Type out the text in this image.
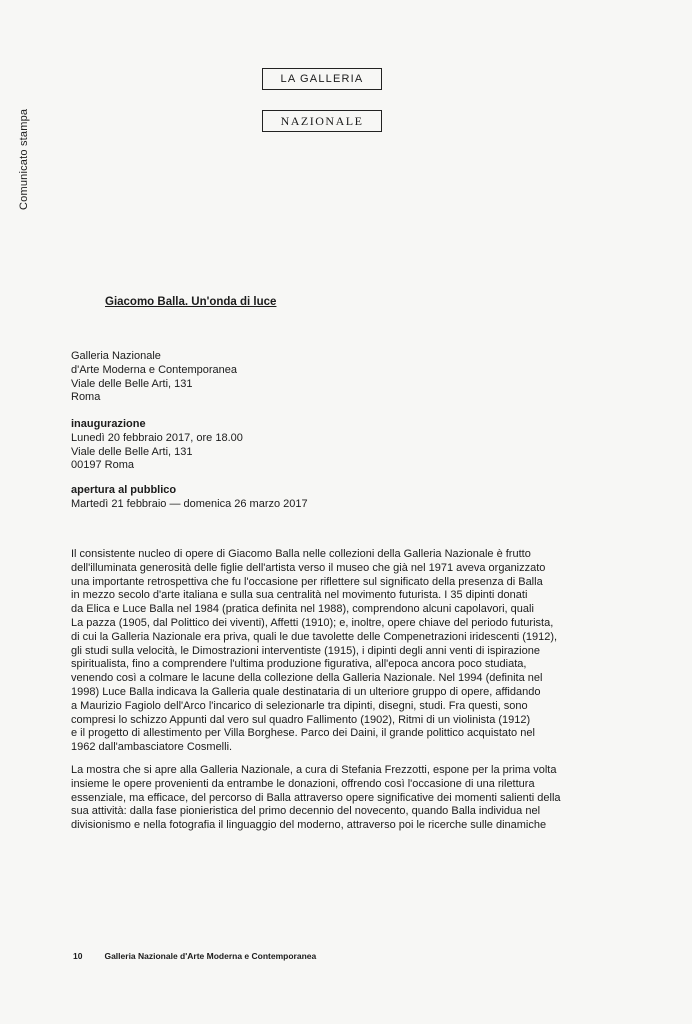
Comunicato stampa
LA GALLERIA
NAZIONALE
Giacomo Balla. Un'onda di luce
Galleria Nazionale
d'Arte Moderna e Contemporanea
Viale delle Belle Arti, 131
Roma
inaugurazione
Lunedì 20 febbraio 2017, ore 18.00
Viale delle Belle Arti, 131
00197 Roma
apertura al pubblico
Martedì 21 febbraio — domenica 26 marzo 2017

Il consistente nucleo di opere di Giacomo Balla nelle collezioni della Galleria Nazionale è frutto

dell'illuminata generosità delle figlie dell'artista verso il museo che già nel 1971 aveva organizzato

una importante retrospettiva che fu l'occasione per riflettere sul significato della presenza di Balla

in mezzo secolo d'arte italiana e sulla sua centralità nel movimento futurista. I 35 dipinti donati

da Elica e Luce Balla nel 1984 (pratica definita nel 1988), comprendono alcuni capolavori, quali

La pazza (1905, dal Polittico dei viventi), Affetti (1910); e, inoltre, opere chiave del periodo futurista,

di cui la Galleria Nazionale era priva, quali le due tavolette delle Compenetrazioni iridescenti (1912),

gli studi sulla velocità, le Dimostrazioni interventiste (1915), i dipinti degli anni venti di ispirazione

spiritualista, fino a comprendere l'ultima produzione figurativa, all'epoca ancora poco studiata,

venendo così a colmare le lacune della collezione della Galleria Nazionale. Nel 1994 (definita nel

1998) Luce Balla indicava la Galleria quale destinataria di un ulteriore gruppo di opere, affidando

a Maurizio Fagiolo dell'Arco l'incarico di selezionarle tra dipinti, disegni, studi. Fra questi, sono

compresi lo schizzo Appunti dal vero sul quadro Fallimento (1902), Ritmi di un violinista (1912)

e il progetto di allestimento per Villa Borghese. Parco dei Daini, il grande polittico acquistato nel

1962 dall'ambasciatore Cosmelli.

La mostra che si apre alla Galleria Nazionale, a cura di Stefania Frezzotti, espone per la prima volta

insieme le opere provenienti da entrambe le donazioni, offrendo così l'occasione di una rilettura

essenziale, ma efficace, del percorso di Balla attraverso opere significative dei momenti salienti della

sua attività: dalla fase pionieristica del primo decennio del novecento, quando Balla individua nel

divisionismo e nella fotografia il linguaggio del moderno, attraverso poi le ricerche sulle dinamiche

10	Galleria Nazionale d'Arte Moderna e Contemporanea
